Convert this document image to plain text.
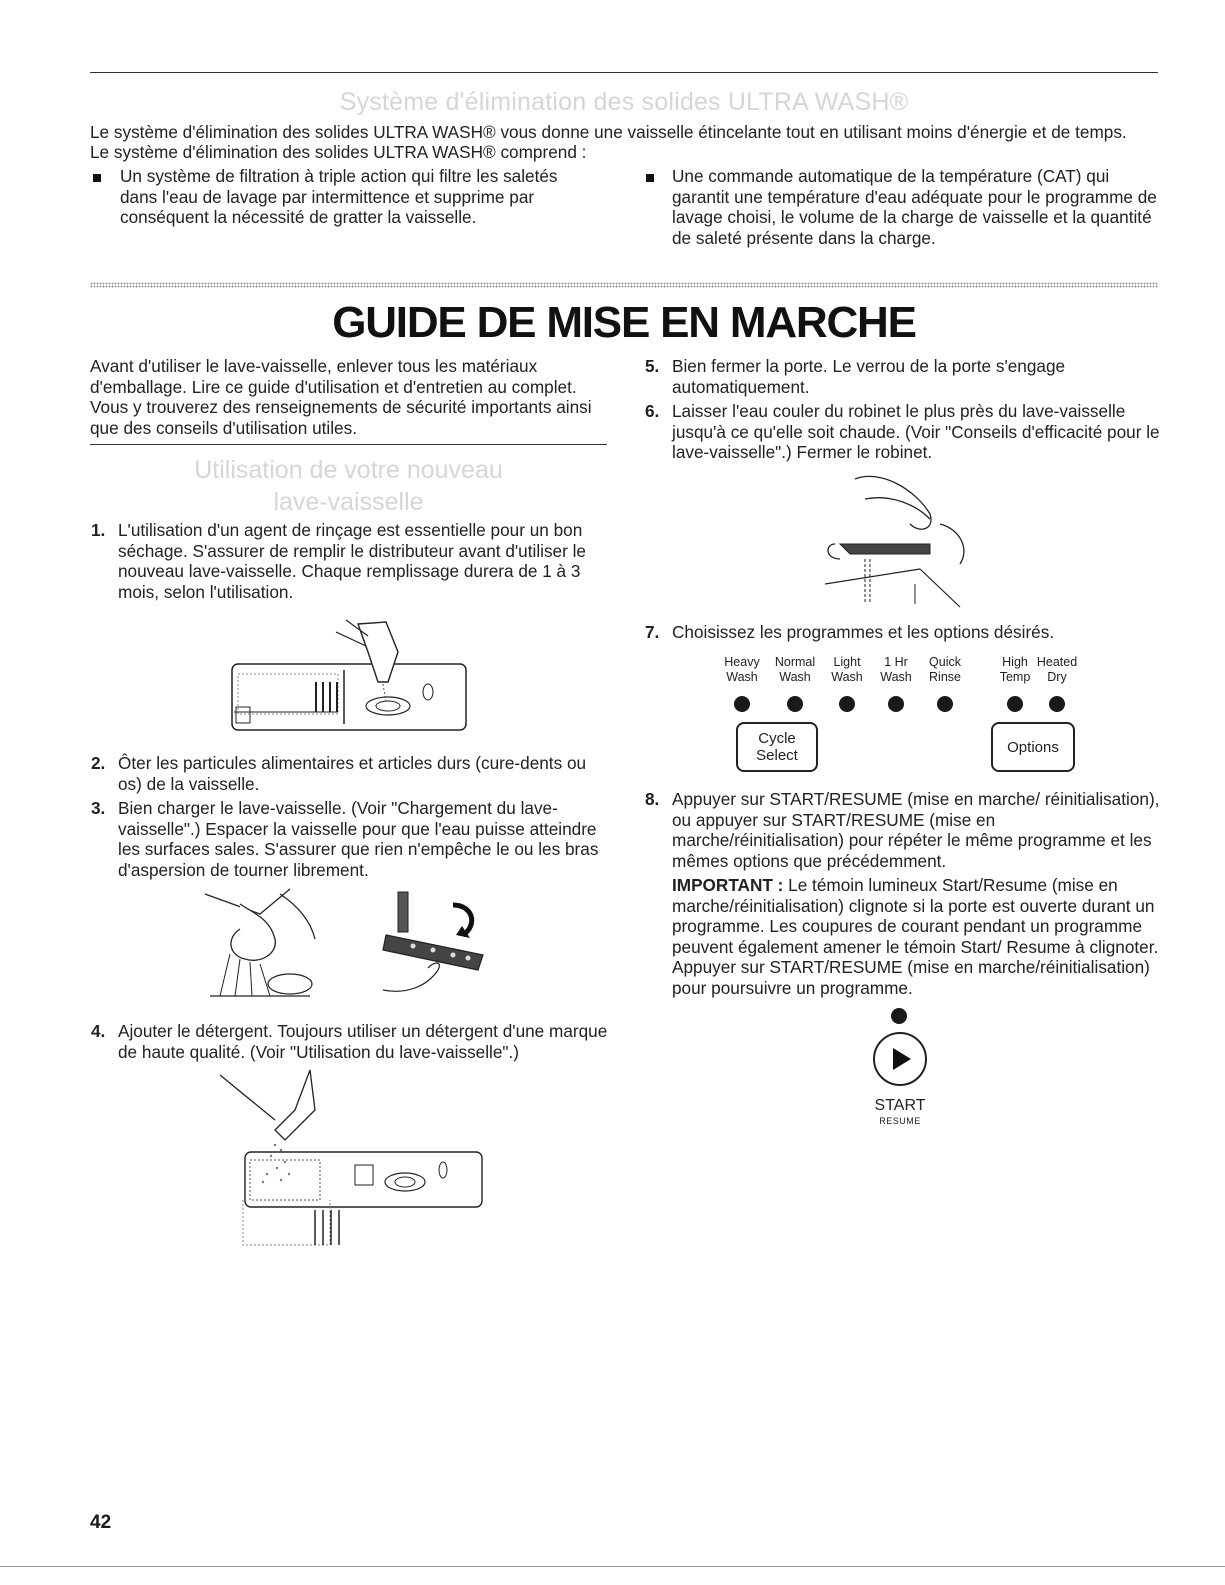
Système d'élimination des solides ULTRA WASH®
Le système d'élimination des solides ULTRA WASH® vous donne une vaisselle étincelante tout en utilisant moins d'énergie et de temps.
Le système d'élimination des solides ULTRA WASH® comprend :
Un système de filtration à triple action qui filtre les saletés dans l'eau de lavage par intermittence et supprime par conséquent la nécessité de gratter la vaisselle.
Une commande automatique de la température (CAT) qui garantit une température d'eau adéquate pour le programme de lavage choisi, le volume de la charge de vaisselle et la quantité de saleté présente dans la charge.
GUIDE DE MISE EN MARCHE
Avant d'utiliser le lave-vaisselle, enlever tous les matériaux d'emballage. Lire ce guide d'utilisation et d'entretien au complet. Vous y trouverez des renseignements de sécurité importants ainsi que des conseils d'utilisation utiles.
Utilisation de votre nouveau
lave-vaisselle
1. L'utilisation d'un agent de rinçage est essentielle pour un bon séchage. S'assurer de remplir le distributeur avant d'utiliser le nouveau lave-vaisselle. Chaque remplissage durera de 1 à 3 mois, selon l'utilisation.
2. Ôter les particules alimentaires et articles durs (cure-dents ou os) de la vaisselle.
3. Bien charger le lave-vaisselle. (Voir "Chargement du lave-vaisselle".) Espacer la vaisselle pour que l'eau puisse atteindre les surfaces sales. S'assurer que rien n'empêche le ou les bras d'aspersion de tourner librement.
4. Ajouter le détergent. Toujours utiliser un détergent d'une marque de haute qualité. (Voir "Utilisation du lave-vaisselle".)
5. Bien fermer la porte. Le verrou de la porte s'engage automatiquement.
6. Laisser l'eau couler du robinet le plus près du lave-vaisselle jusqu'à ce qu'elle soit chaude. (Voir "Conseils d'efficacité pour le lave-vaisselle".) Fermer le robinet.
7. Choisissez les programmes et les options désirés.
Heavy
Wash
Normal
Wash
Light
Wash
1 Hr
Wash
Quick
Rinse
High
Temp
Heated
Dry
Cycle
Select	Options
8. Appuyer sur START/RESUME (mise en marche/ réinitialisation), ou appuyer sur START/RESUME (mise en marche/réinitialisation) pour répéter le même programme et les mêmes options que précédemment.
IMPORTANT : Le témoin lumineux Start/Resume (mise en marche/réinitialisation) clignote si la porte est ouverte durant un programme. Les coupures de courant pendant un programme peuvent également amener le témoin Start/ Resume à clignoter. Appuyer sur START/RESUME (mise en marche/réinitialisation) pour poursuivre un programme.
START
RESUME
42
